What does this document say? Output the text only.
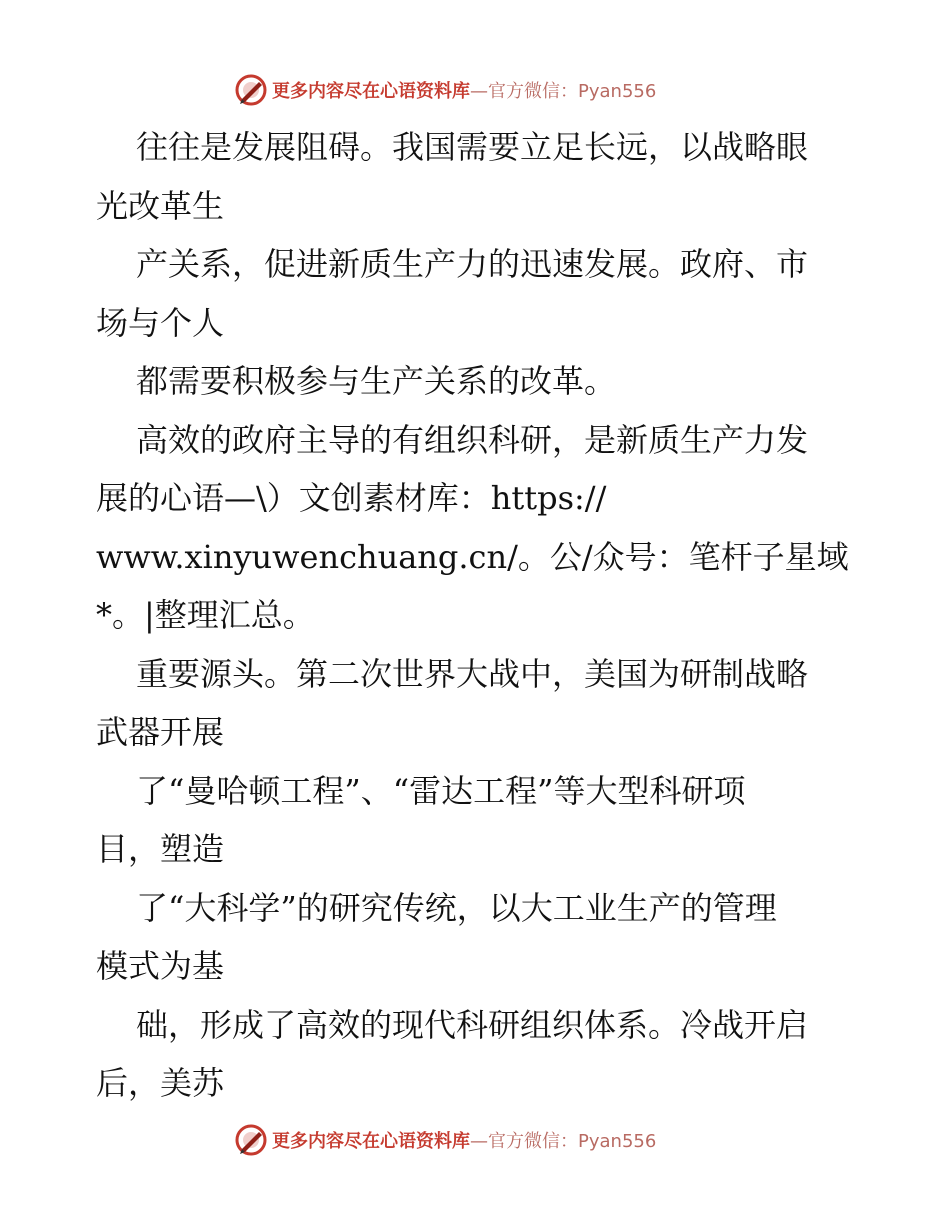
更多内容尽在心语资料库—官方微信：Pyan556
往往是发展阻碍。我国需要立足长远，以战略眼
光改革生
产关系，促进新质生产力的迅速发展。政府、市
场与个人
都需要积极参与生产关系的改革。
高效的政府主导的有组织科研，是新质生产力发
展的心语—\）文创素材库：https://
www.xinyuwenchuang.cn/。公/众号：笔杆子星域
*。|整理汇总。
重要源头。第二次世界大战中，美国为研制战略
武器开展
了“曼哈顿工程”、“雷达工程”等大型科研项
目，塑造
了“大科学”的研究传统，以大工业生产的管理
模式为基
础，形成了高效的现代科研组织体系。冷战开启
后，美苏
更多内容尽在心语资料库—官方微信：Pyan556
